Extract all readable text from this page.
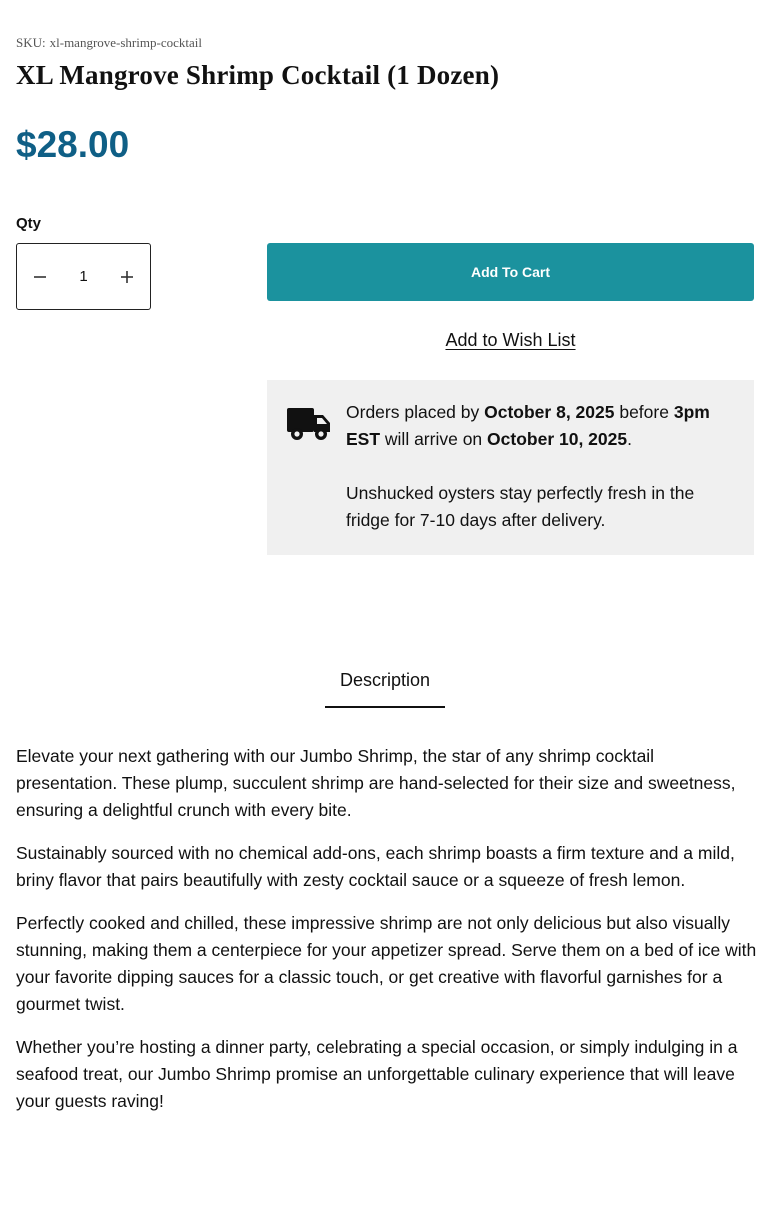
SKU: xl-mangrove-shrimp-cocktail
XL Mangrove Shrimp Cocktail (1 Dozen)
$28.00
Qty
1	Add To Cart
Add to Wish List
Orders placed by October 8, 2025 before 3pm EST will arrive on October 10, 2025.
Unshucked oysters stay perfectly fresh in the fridge for 7-10 days after delivery.
Description

Elevate your next gathering with our Jumbo Shrimp, the star of any shrimp cocktail presentation. These plump, succulent shrimp are hand-selected for their size and sweetness, ensuring a delightful crunch with every bite.

Sustainably sourced with no chemical add-ons, each shrimp boasts a firm texture and a mild, briny flavor that pairs beautifully with zesty cocktail sauce or a squeeze of fresh lemon.

Perfectly cooked and chilled, these impressive shrimp are not only delicious but also visually stunning, making them a centerpiece for your appetizer spread. Serve them on a bed of ice with your favorite dipping sauces for a classic touch, or get creative with flavorful garnishes for a gourmet twist.

Whether you’re hosting a dinner party, celebrating a special occasion, or simply indulging in a seafood treat, our Jumbo Shrimp promise an unforgettable culinary experience that will leave your guests raving!
